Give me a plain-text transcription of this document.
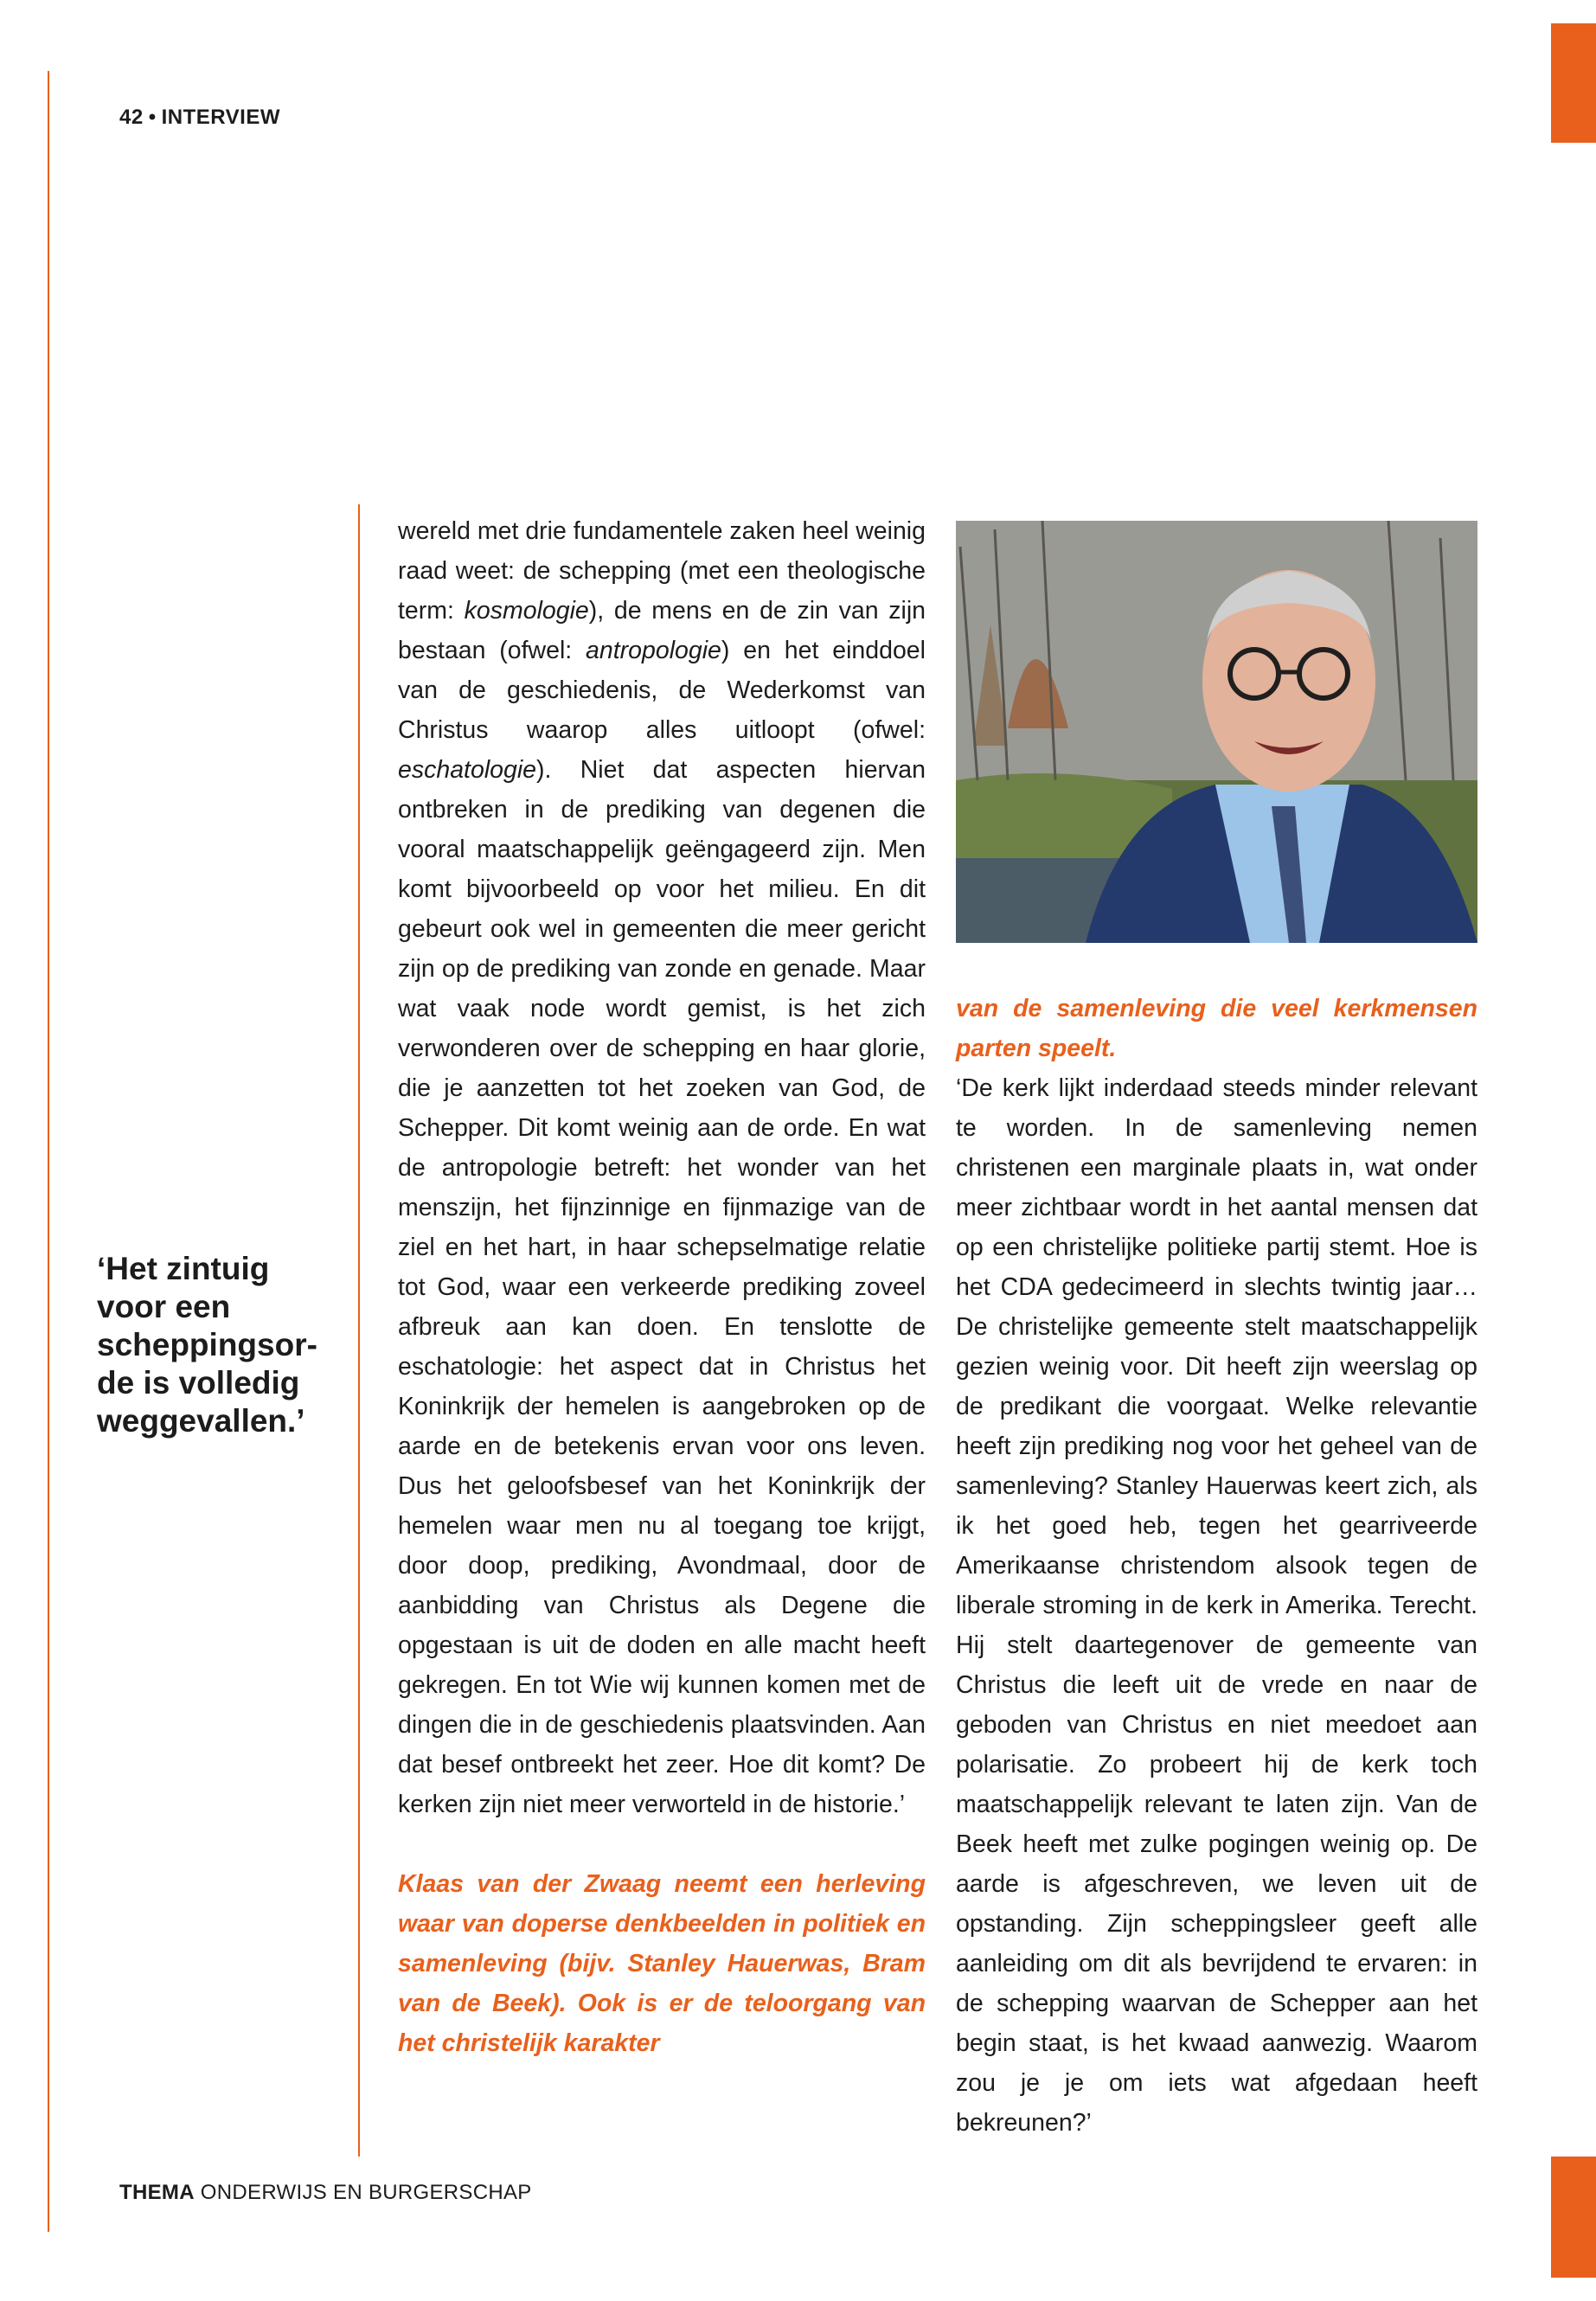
42 • INTERVIEW
‘Het zintuig
voor een
scheppingsor-
de is volledig
weggevallen.’

wereld met drie fundamentele zaken heel weinig raad weet: de schepping (met een theologische term: kosmologie), de mens en de zin van zijn bestaan (ofwel: antropologie) en het einddoel van de geschiedenis, de Wederkomst van Christus waarop alles uitloopt (ofwel: eschatologie). Niet dat aspecten hiervan ontbreken in de prediking van degenen die vooral maatschappelijk geëngageerd zijn. Men komt bijvoorbeeld op voor het milieu. En dit gebeurt ook wel in gemeenten die meer gericht zijn op de prediking van zonde en genade. Maar wat vaak node wordt gemist, is het zich verwonderen over de schepping en haar glorie, die je aanzetten tot het zoeken van God, de Schepper. Dit komt weinig aan de orde. En wat de antropologie betreft: het wonder van het menszijn, het fijnzinnige en fijnmazige van de ziel en het hart, in haar schepselmatige relatie tot God, waar een verkeerde prediking zoveel afbreuk aan kan doen. En tenslotte de eschatologie: het aspect dat in Christus het Koninkrijk der hemelen is aangebroken op de aarde en de betekenis ervan voor ons leven. Dus het geloofsbesef van het Koninkrijk der hemelen waar men nu al toegang toe krijgt, door doop, prediking, Avondmaal, door de aanbidding van Christus als Degene die opgestaan is uit de doden en alle macht heeft gekregen. En tot Wie wij kunnen komen met de dingen die in de geschiedenis plaatsvinden. Aan dat besef ontbreekt het zeer. Hoe dit komt? De kerken zijn niet meer verworteld in de historie.’

Klaas van der Zwaag neemt een herleving waar van doperse denkbeelden in politiek en samenleving (bijv. Stanley Hauerwas, Bram van de Beek). Ook is er de teloorgang van het christelijk karakter

van de samenleving die veel kerkmensen parten speelt.

‘De kerk lijkt inderdaad steeds minder relevant te worden. In de samenleving nemen christenen een marginale plaats in, wat onder meer zichtbaar wordt in het aantal mensen dat op een christelijke politieke partij stemt. Hoe is het CDA gedecimeerd in slechts twintig jaar… De christelijke gemeente stelt maatschappelijk gezien weinig voor. Dit heeft zijn weerslag op de predikant die voorgaat. Welke relevantie heeft zijn prediking nog voor het geheel van de samenleving? Stanley Hauerwas keert zich, als ik het goed heb, tegen het gearriveerde Amerikaanse christendom alsook tegen de liberale stroming in de kerk in Amerika. Terecht. Hij stelt daartegenover de gemeente van Christus die leeft uit de vrede en naar de geboden van Christus en niet meedoet aan polarisatie. Zo probeert hij de kerk toch maatschappelijk relevant te laten zijn. Van de Beek heeft met zulke pogingen weinig op. De aarde is afgeschreven, we leven uit de opstanding. Zijn scheppingsleer geeft alle aanleiding om dit als bevrijdend te ervaren: in de schepping waarvan de Schepper aan het begin staat, is het kwaad aanwezig. Waarom zou je je om iets wat afgedaan heeft bekreunen?’

THEMA ONDERWIJS EN BURGERSCHAP
